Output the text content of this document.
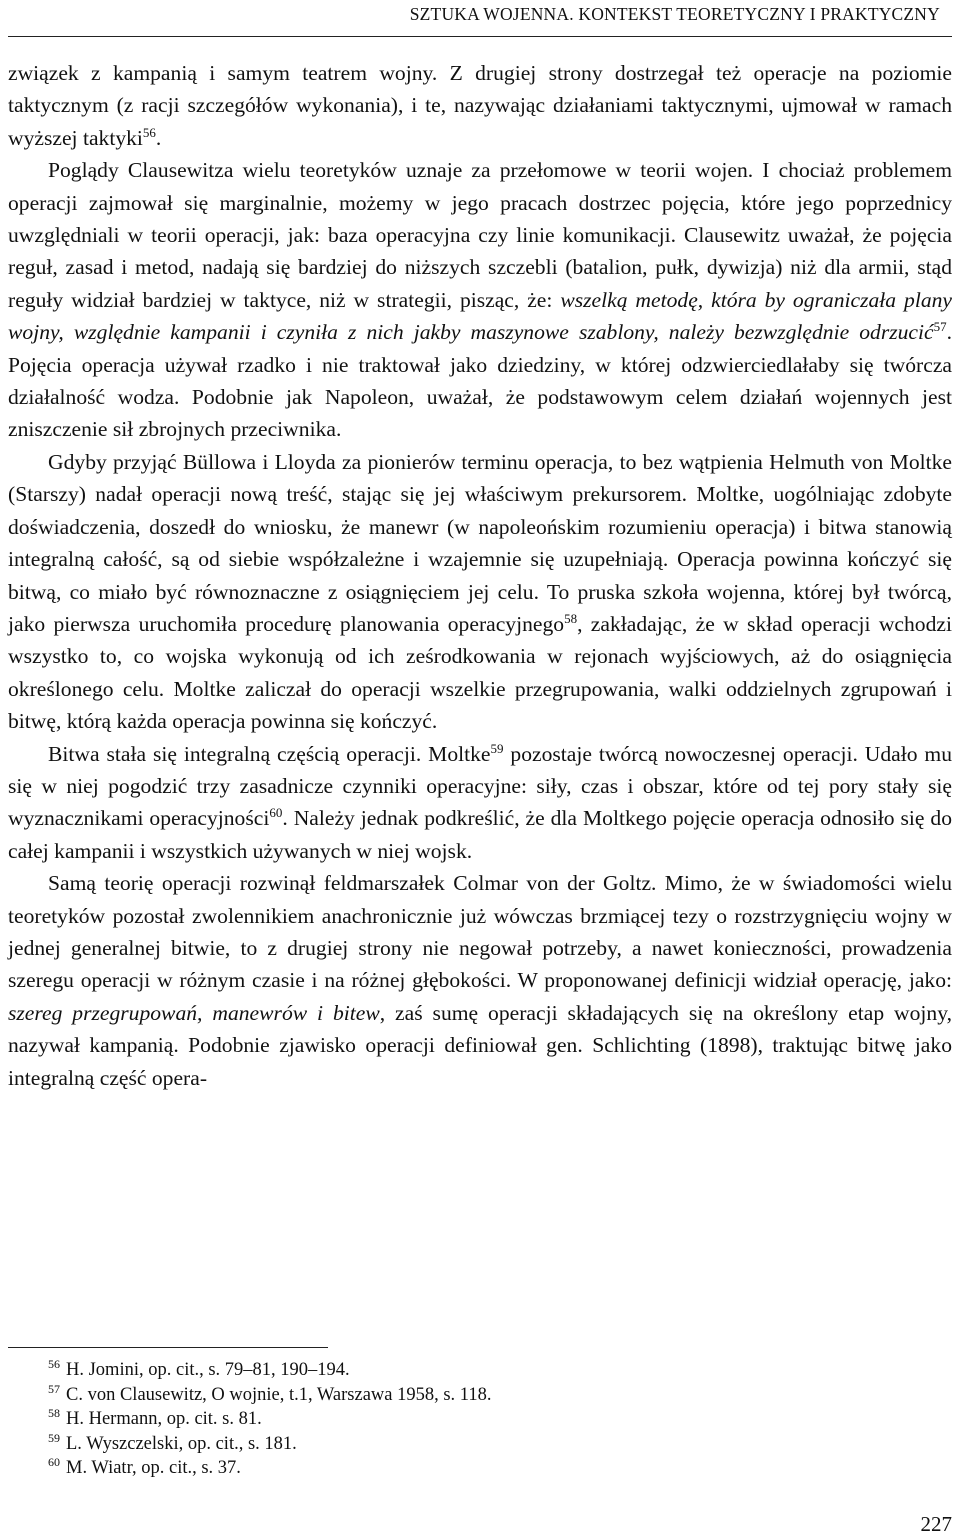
SZTUKA WOJENNA. KONTEKST TEORETYCZNY I PRAKTYCZNY

związek z kampanią i samym teatrem wojny. Z drugiej strony dostrzegał też operacje na poziomie taktycznym (z racji szczegółów wykonania), i te, nazywając działaniami taktycznymi, ujmował w ramach wyższej taktyki$^{56}$.

Poglądy Clausewitza wielu teoretyków uznaje za przełomowe w teorii wojen. I chociaż problemem operacji zajmował się marginalnie, możemy w jego pracach dostrzec pojęcia, które jego poprzednicy uwzględniali w teorii operacji, jak: baza operacyjna czy linie komunikacji. Clausewitz uważał, że pojęcia reguł, zasad i metod, nadają się bardziej do niższych szczebli (batalion, pułk, dywizja) niż dla armii, stąd reguły widział bardziej w taktyce, niż w strategii, pisząc, że: wszelką metodę, która by ograniczała plany wojny, względnie kampanii i czyniła z nich jakby maszynowe szablony, należy bezwzględnie odrzucić$^{57}$. Pojęcia operacja używał rzadko i nie traktował jako dziedziny, w której odzwierciedlałaby się twórcza działalność wodza. Podobnie jak Napoleon, uważał, że podstawowym celem działań wojennych jest zniszczenie sił zbrojnych przeciwnika.

Gdyby przyjąć Büllowa i Lloyda za pionierów terminu operacja, to bez wątpienia Helmuth von Moltke (Starszy) nadał operacji nową treść, stając się jej właściwym prekursorem. Moltke, uogólniając zdobyte doświadczenia, doszedł do wniosku, że manewr (w napoleońskim rozumieniu operacja) i bitwa stanowią integralną całość, są od siebie współzależne i wzajemnie się uzupełniają. Operacja powinna kończyć się bitwą, co miało być równoznaczne z osiągnięciem jej celu. To pruska szkoła wojenna, której był twórcą, jako pierwsza uruchomiła procedurę planowania operacyjnego$^{58}$, zakładając, że w skład operacji wchodzi wszystko to, co wojska wykonują od ich ześrodkowania w rejonach wyjściowych, aż do osiągnięcia określonego celu. Moltke zaliczał do operacji wszelkie przegrupowania, walki oddzielnych zgrupowań i bitwę, którą każda operacja powinna się kończyć.

Bitwa stała się integralną częścią operacji. Moltke$^{59}$ pozostaje twórcą nowoczesnej operacji. Udało mu się w niej pogodzić trzy zasadnicze czynniki operacyjne: siły, czas i obszar, które od tej pory stały się wyznacznikami operacyjności$^{60}$. Należy jednak podkreślić, że dla Moltkego pojęcie operacja odnosiło się do całej kampanii i wszystkich używanych w niej wojsk.

Samą teorię operacji rozwinął feldmarszałek Colmar von der Goltz. Mimo, że w świadomości wielu teoretyków pozostał zwolennikiem anachronicznie już wówczas brzmiącej tezy o rozstrzygnięciu wojny w jednej generalnej bitwie, to z drugiej strony nie negował potrzeby, a nawet konieczności, prowadzenia szeregu operacji w różnym czasie i na różnej głębokości. W proponowanej definicji widział operację, jako: szereg przegrupowań, manewrów i bitew, zaś sumę operacji składających się na określony etap wojny, nazywał kampanią. Podobnie zjawisko operacji definiował gen. Schlichting (1898), traktując bitwę jako integralną część opera-

$^{56}$ H. Jomini, op. cit., s. 79–81, 190–194.
$^{57}$ C. von Clausewitz, O wojnie, t.1, Warszawa 1958, s. 118.
$^{58}$ H. Hermann, op. cit. s. 81.
$^{59}$ L. Wyszczelski, op. cit., s. 181.
$^{60}$ M. Wiatr, op. cit., s. 37.
227
